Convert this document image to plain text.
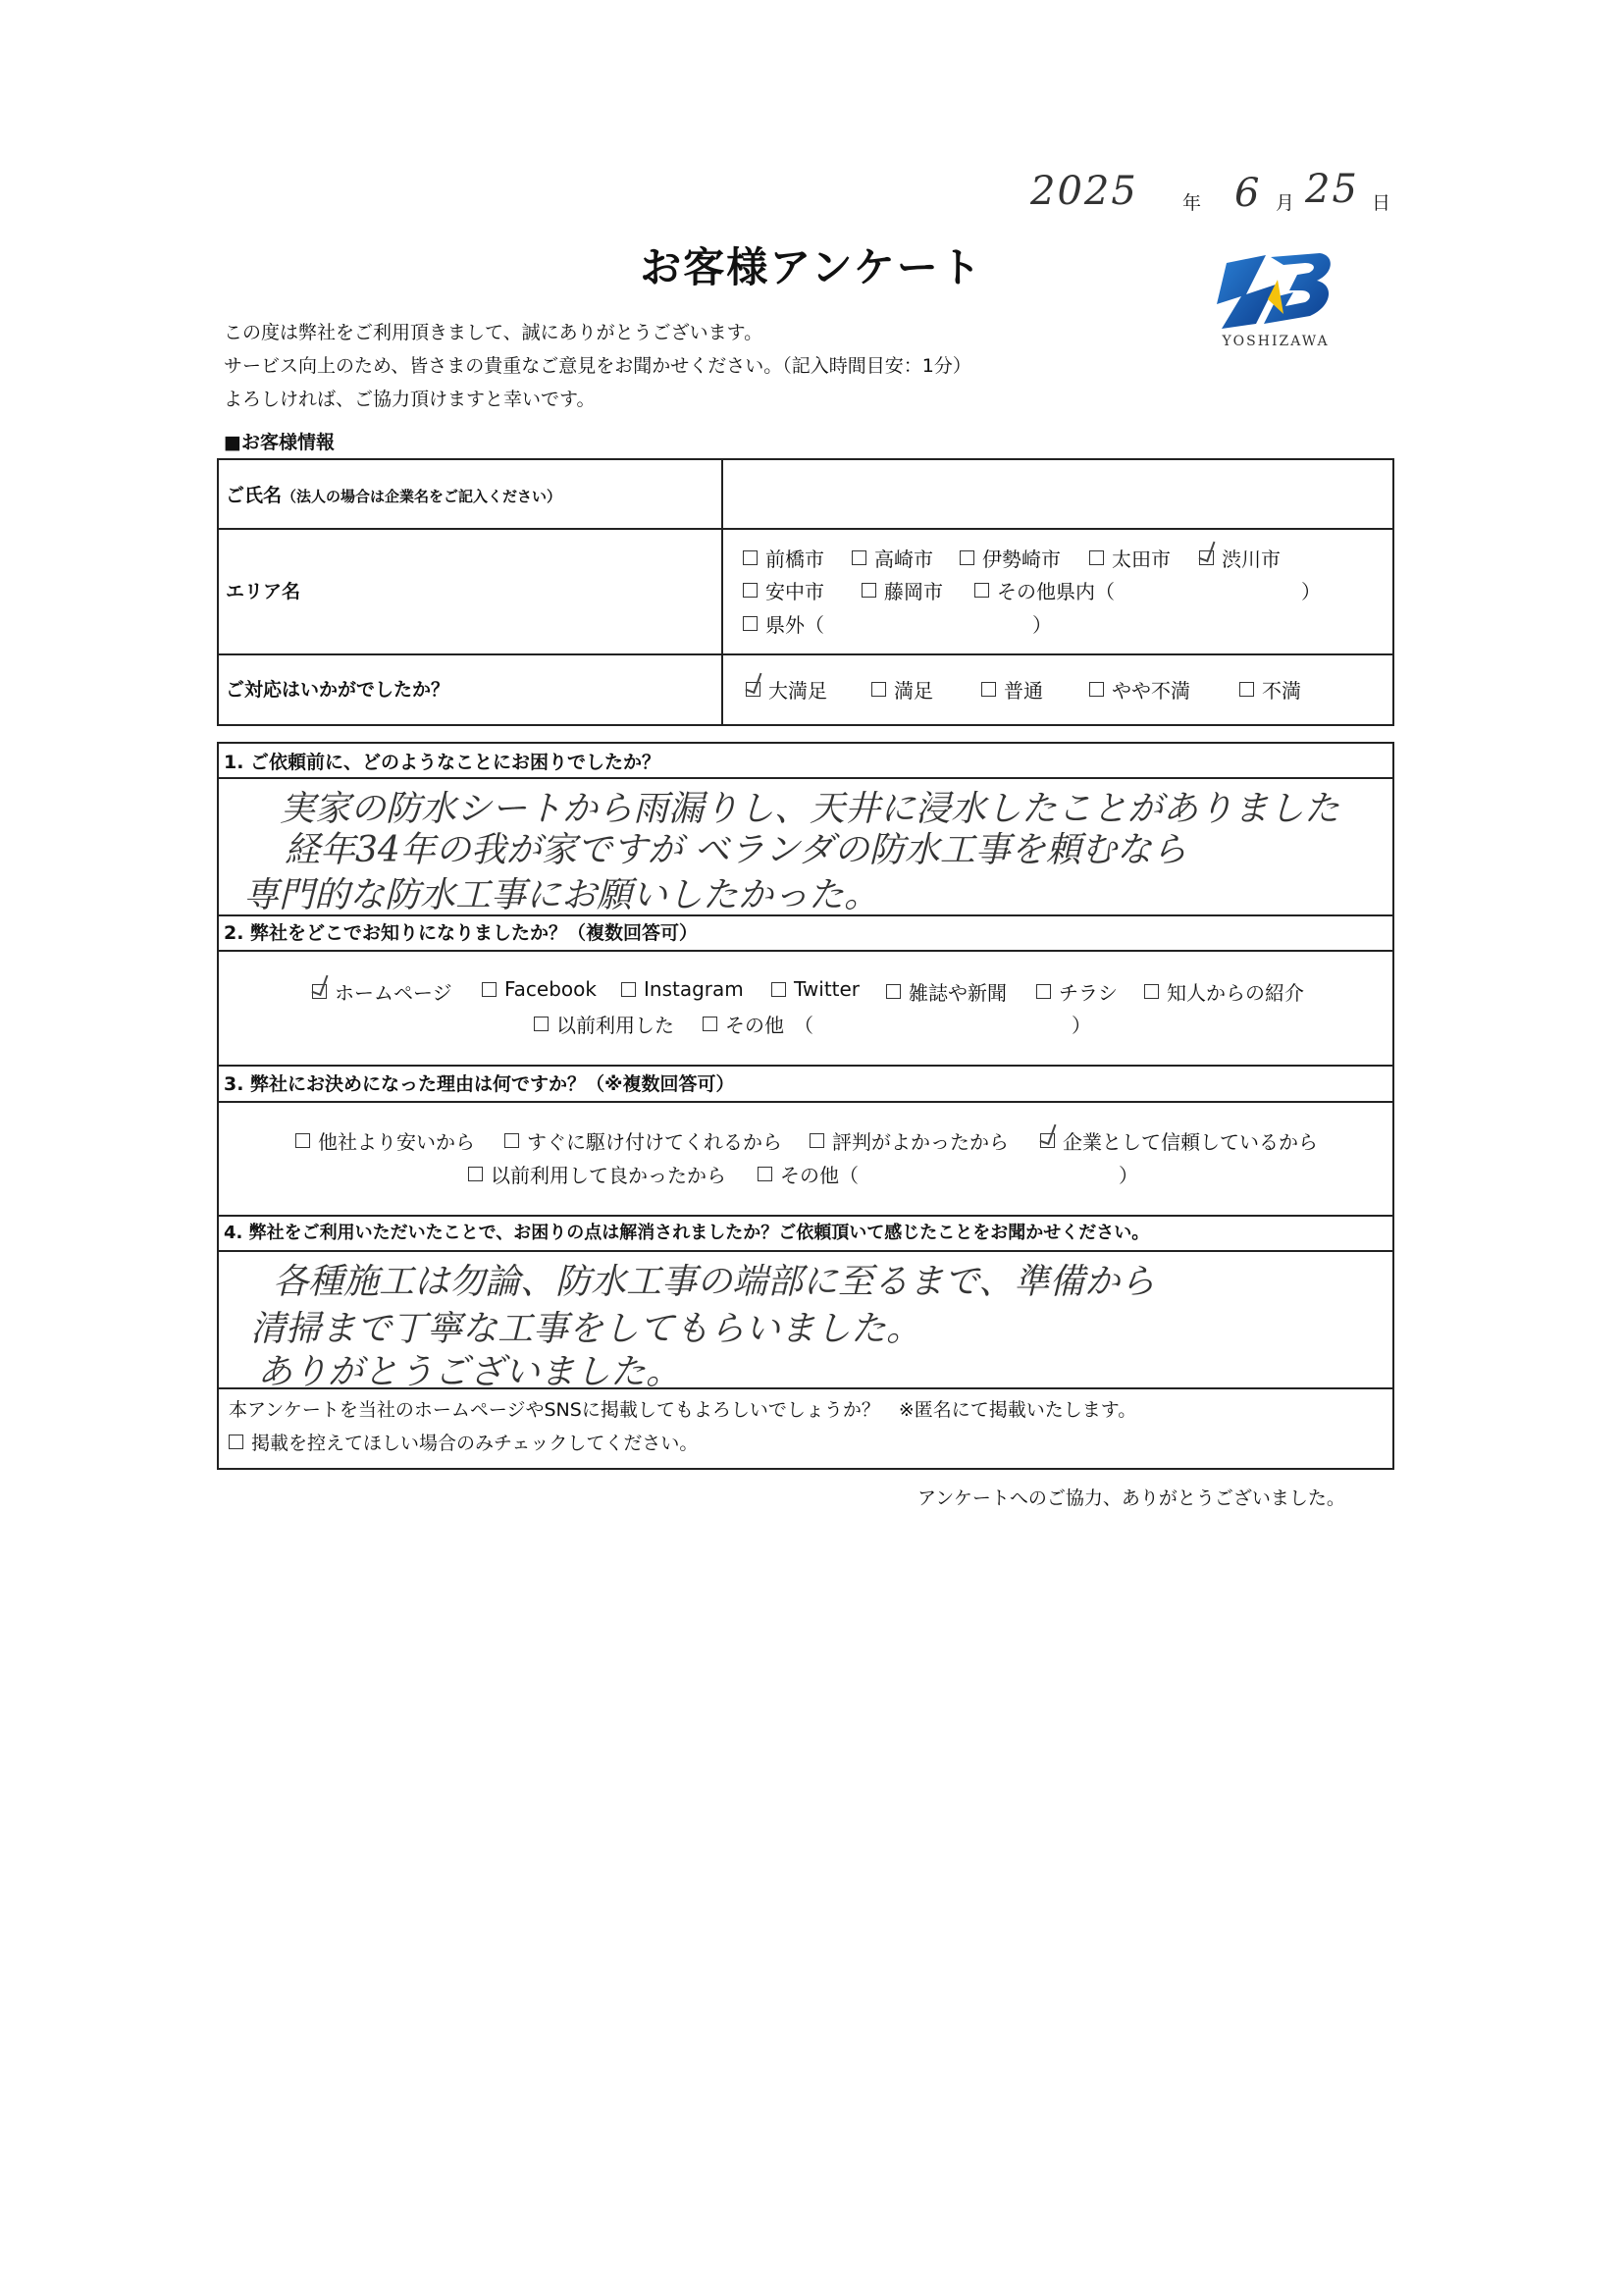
2025 年 6 月 25 日
お客様アンケート
YOSHIZAWA
この度は弊社をご利用頂きまして、誠にありがとうございます。
サービス向上のため、皆さまの貴重なご意見をお聞かせください。（記入時間目安：1分）
よろしければ、ご協力頂けますと幸いです。
■お客様情報
ご氏名（法人の場合は企業名をご記入ください）
エリア名
前橋市	高崎市	伊勢崎市	太田市	渋川市
安中市	藤岡市	その他県内（	）
県外（	）
ご対応はいかがでしたか？	大満足	満足	普通	やや不満	不満
1. ご依頼前に、どのようなことにお困りでしたか？
実家の防水シートから雨漏りし、天井に浸水したことがありました
経年34年の我が家ですが ベランダの防水工事を頼むなら
専門的な防水工事にお願いしたかった。
2. 弊社をどこでお知りになりましたか？（複数回答可）
ホームページ	Facebook Instagram	Twitter 雑誌や新聞	チラシ	知人からの紹介
以前利用した	その他　（	）
3. 弊社にお決めになった理由は何ですか？（※複数回答可）
他社より安いから	すぐに駆け付けてくれるから	評判がよかったから	企業として信頼しているから
以前利用して良かったから	その他（	）
4. 弊社をご利用いただいたことで、お困りの点は解消されましたか？ご依頼頂いて感じたことをお聞かせください。
各種施工は勿論、防水工事の端部に至るまで、準備から
清掃まで丁寧な工事をしてもらいました。
ありがとうございました。
本アンケートを当社のホームページやSNSに掲載してもよろしいでしょうか？　※匿名にて掲載いたします。
掲載を控えてほしい場合のみチェックしてください。
アンケートへのご協力、ありがとうございました。
